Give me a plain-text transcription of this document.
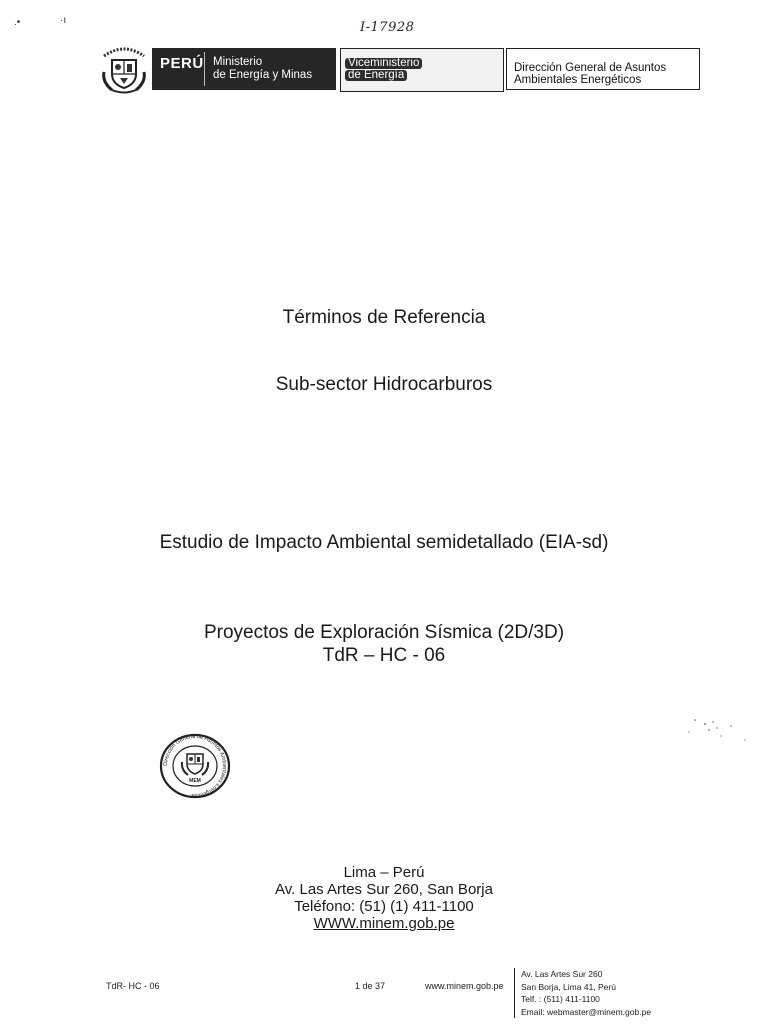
.•	·ı	I-17928
PERÚ Ministerio
de Energía y Minas
Viceministerio
de Energía
Dirección General de Asuntos
Ambientales Energéticos
Términos de Referencia
Sub-sector Hidrocarburos
Estudio de Impacto Ambiental semidetallado (EIA-sd)
Proyectos de Exploración Sísmica (2D/3D)
TdR – HC - 06
Dirección General de Asuntos Ambientales Energéticos
MEM
Lima – Perú
Av. Las Artes Sur 260, San Borja
Teléfono: (51) (1) 411-1100
WWW.minem.gob.pe
TdR- HC - 06	1 de 37	www.minem.gob.pe
Av. Las Artes Sur 260
San Borja, Lima 41, Perú
Telf. : (511) 411-1100
Email: webmaster@minem.gob.pe
